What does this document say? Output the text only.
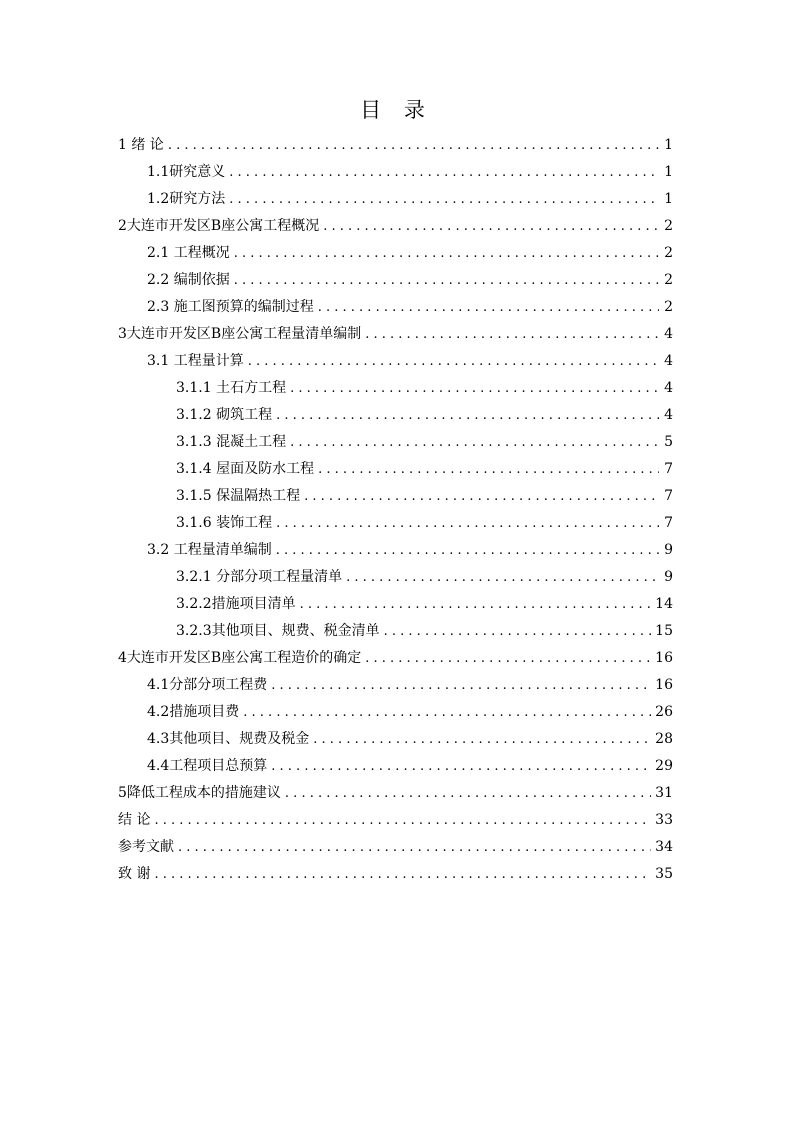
目 录
1 绪 论 . . .	1
1.1研究意义 . . .	1
1.2研究方法 . . .	1
2大连市开发区B座公寓工程概况 . . .	2
2.1 工程概况 . . .	2
2.2 编制依据 . . .	2
2.3 施工图预算的编制过程 . . .	2
3大连市开发区B座公寓工程量清单编制 . . .	4
3.1 工程量计算 . . .	4
3.1.1 土石方工程 . . .	4
3.1.2 砌筑工程 . . .	4
3.1.3 混凝土工程 . . .	5
3.1.4 屋面及防水工程 . . .	7
3.1.5 保温隔热工程 . . .	7
3.1.6 装饰工程 . . .	7
3.2 工程量清单编制 . . .	9
3.2.1 分部分项工程量清单 . . .	9
3.2.2措施项目清单 . . .	14
3.2.3其他项目、规费、税金清单 . . .	15
4大连市开发区B座公寓工程造价的确定 . . .	16
4.1分部分项工程费 . . .	16
4.2措施项目费 . . .	26
4.3其他项目、规费及税金 . . .	28
4.4工程项目总预算 . . .	29
5降低工程成本的措施建议 . . .	31
结 论 . . .	33
参考文献 . . .	34
致 谢 . . .	35
